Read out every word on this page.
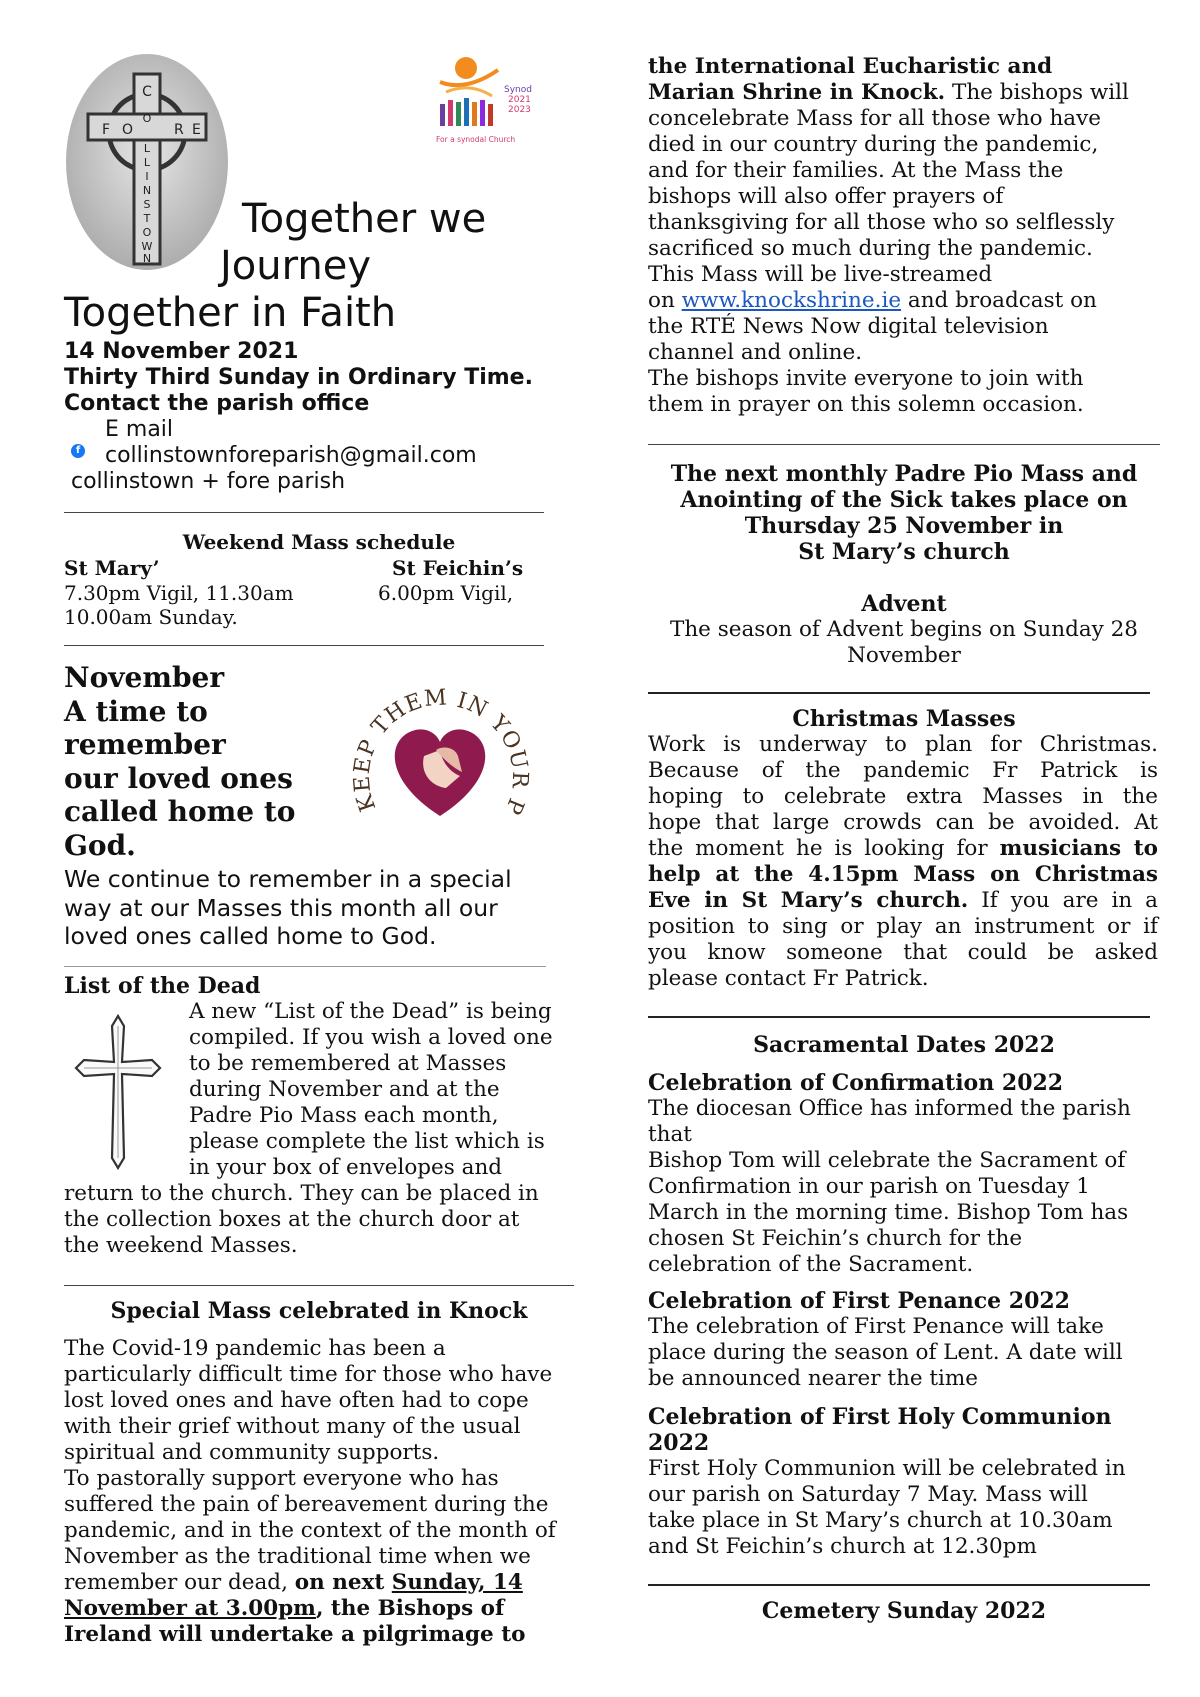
C
F O	R E
O
L
L
I
N
S
T
O
W
N
Synod
2021
2023
For a synodal Church
Together we
Journey
Together in Faith
14 November 2021
Thirty Third Sunday in Ordinary Time.
Contact the parish office
E mail
f collinstownforeparish@gmail.com
collinstown + fore parish
Weekend Mass schedule
St Mary’
7.30pm Vigil, 11.30am
10.00am Sunday.
St Feichin’s
6.00pm Vigil,
November
A time to
remember
our loved ones
called home to
God.
KEEP THEM IN YOUR P
We continue to remember in a special
way at our Masses this month all our
loved ones called home to God.
List of the Dead
A new “List of the Dead” is being
compiled. If you wish a loved one
to be remembered at Masses
during November and at the
Padre Pio Mass each month,
please complete the list which is
in your box of envelopes and
return to the church. They can be placed in
the collection boxes at the church door at
the weekend Masses.
Special Mass celebrated in Knock
The Covid-19 pandemic has been a
particularly difficult time for those who have
lost loved ones and have often had to cope
with their grief without many of the usual
spiritual and community supports.
To pastorally support everyone who has
suffered the pain of bereavement during the
pandemic, and in the context of the month of
November as the traditional time when we
remember our dead, on next Sunday, 14
November at 3.00pm, the Bishops of
Ireland will undertake a pilgrimage to
the International Eucharistic and
Marian Shrine in Knock. The bishops will
concelebrate Mass for all those who have
died in our country during the pandemic,
and for their families. At the Mass the
bishops will also offer prayers of
thanksgiving for all those who so selflessly
sacrificed so much during the pandemic.
This Mass will be live-streamed
on www.knockshrine.ie and broadcast on
the RTÉ News Now digital television
channel and online.
The bishops invite everyone to join with
them in prayer on this solemn occasion.
The next monthly Padre Pio Mass and
Anointing of the Sick takes place on
Thursday 25 November in
St Mary’s church
Advent
The season of Advent begins on Sunday 28
November
Christmas Masses
Work is underway to plan for Christmas.
Because of the pandemic Fr Patrick is
hoping to celebrate extra Masses in the
hope that large crowds can be avoided. At
the moment he is looking for musicians to
help at the 4.15pm Mass on Christmas
Eve in St Mary’s church. If you are in a
position to sing or play an instrument or if
you know someone that could be asked
please contact Fr Patrick.
Sacramental Dates 2022
Celebration of Confirmation 2022
The diocesan Office has informed the parish
that
Bishop Tom will celebrate the Sacrament of
Confirmation in our parish on Tuesday 1
March in the morning time. Bishop Tom has
chosen St Feichin’s church for the
celebration of the Sacrament.
Celebration of First Penance 2022
The celebration of First Penance will take
place during the season of Lent. A date will
be announced nearer the time
Celebration of First Holy Communion
2022
First Holy Communion will be celebrated in
our parish on Saturday 7 May. Mass will
take place in St Mary’s church at 10.30am
and St Feichin’s church at 12.30pm
Cemetery Sunday 2022
